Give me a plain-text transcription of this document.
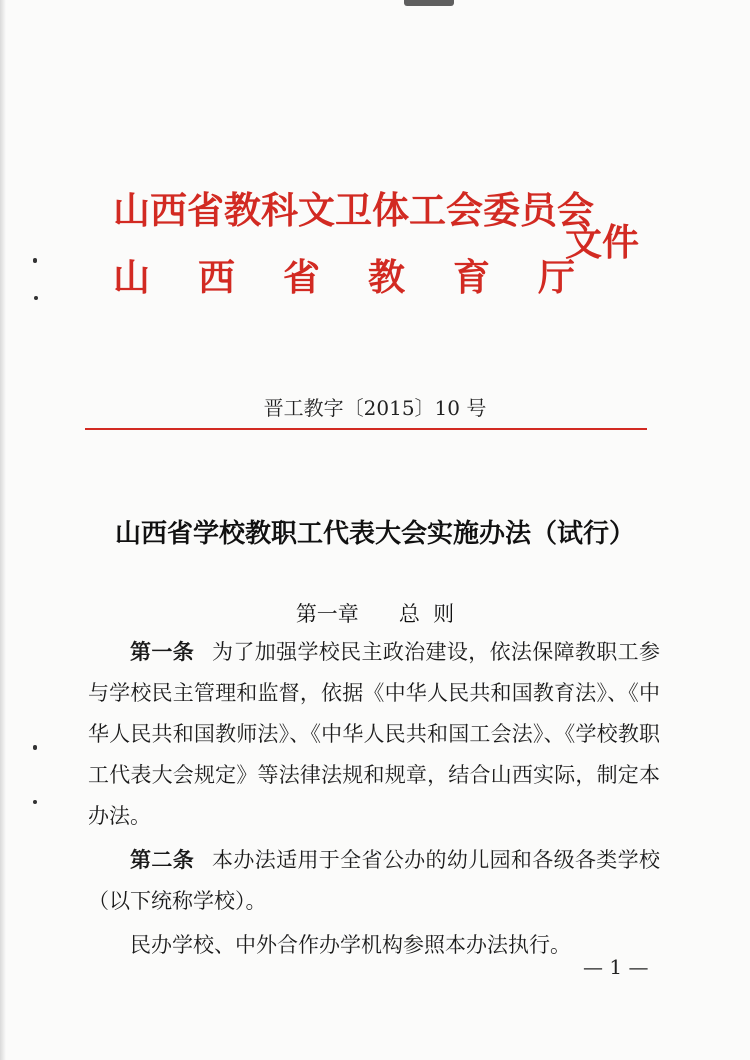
山西省教科文卫体工会委员会
山西省教育厅
文件
晋工教字〔2015〕10 号
山西省学校教职工代表大会实施办法（试行）
第一章 总  则

第一条 为了加强学校民主政治建设，依法保障教职工参与学校民主管理和监督，依据《中华人民共和国教育法》、《中华人民共和国教师法》、《中华人民共和国工会法》、《学校教职工代表大会规定》等法律法规和规章，结合山西实际，制定本办法。

第二条 本办法适用于全省公办的幼儿园和各级各类学校（以下统称学校）。

民办学校、中外合作办学机构参照本办法执行。

— 1 —
